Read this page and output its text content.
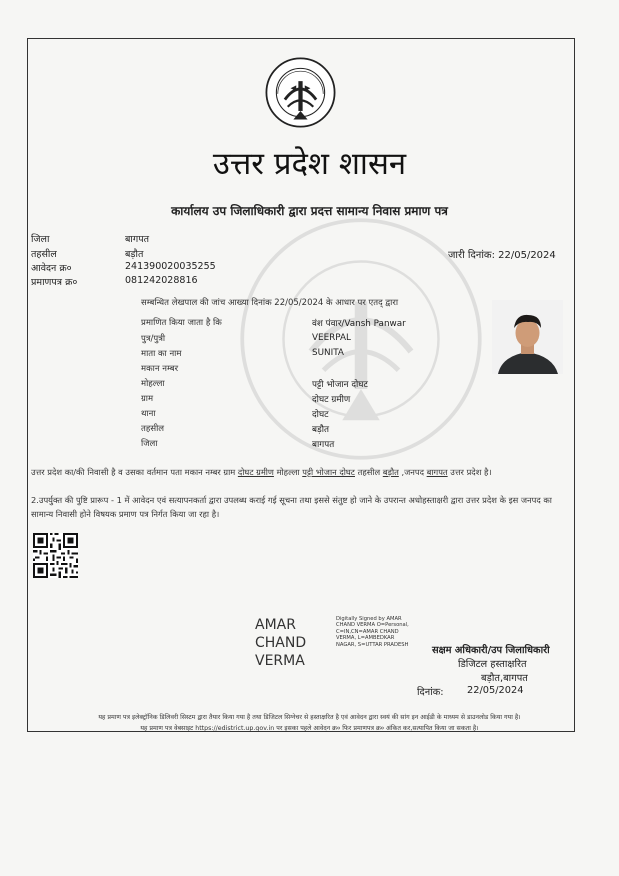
उत्तर प्रदेश शासन
कार्यालय उप जिलाधिकारी द्वारा प्रदत्त सामान्य निवास प्रमाण पत्र
जिला	बागपत
तहसील	बड़ौत
आवेदन क्र०	241390020035255
प्रमाणपत्र क्र०	081242028816
जारी दिनांक: 22/05/2024
सम्बन्धित लेखपाल की जांच आख्या दिनांक 22/05/2024 के आधार पर एतद् द्वारा
प्रमाणित किया जाता है कि	वंश पंवार/Vansh Panwar
पुत्र/पुत्री	VEERPAL
माता का नाम	SUNITA
मकान नम्बर
मोहल्ला	पट्टी भोजान दोघट
ग्राम	दोघट ग्रमीण
थाना	दोघट
तहसील	बड़ौत
जिला	बागपत
उत्तर प्रदेश का/की निवासी है व उसका वर्तमान पता मकान नम्बर ग्राम दोघट ग्रमीण मोहल्ला पट्टी भोजान दोघट तहसील बड़ौत ,जनपद बागपत उत्तर प्रदेश है।
2.उपर्युक्त की पुष्टि प्रारूप - 1 में आवेदन एवं सत्यापनकर्ता द्वारा उपलब्ध कराई गई सूचना तथा इससे संतुष्ट हो जाने के उपरान्त अधोहस्ताक्षरी द्वारा उत्तर प्रदेश के इस जनपद का सामान्य निवासी होने विषयक प्रमाण पत्र निर्गत किया जा रहा है।
AMAR
CHAND
VERMA
Digitally Signed by AMAR CHAND VERMA O=Personal, C=IN,CN=AMAR CHAND VERMA, L=AMBEDKAR NAGAR, S=UTTAR PRADESH
सक्षम अधिकारी/उप जिलाधिकारी
डिजिटल हस्ताक्षरित
बड़ौत,बागपत
दिनांक: 22/05/2024
यह प्रमाण पत्र इलेक्ट्रॉनिक डिलिवरी सिस्टम द्वारा तैयार किया गया है तथा डिजिटल सिग्नेचर से हस्ताक्षरित है एवं आवेदन द्वारा स्वयं की सांग इन आईडी के माध्यम से डाउनलोड किया गया है।
यह प्रमाण पत्र वेबसाइट https://edistrict.up.gov.in पर इसका पहले आवेदन क्र० फिर प्रमाणपत्र क्र० अंकित कर,सत्यापित किया जा सकता है।
